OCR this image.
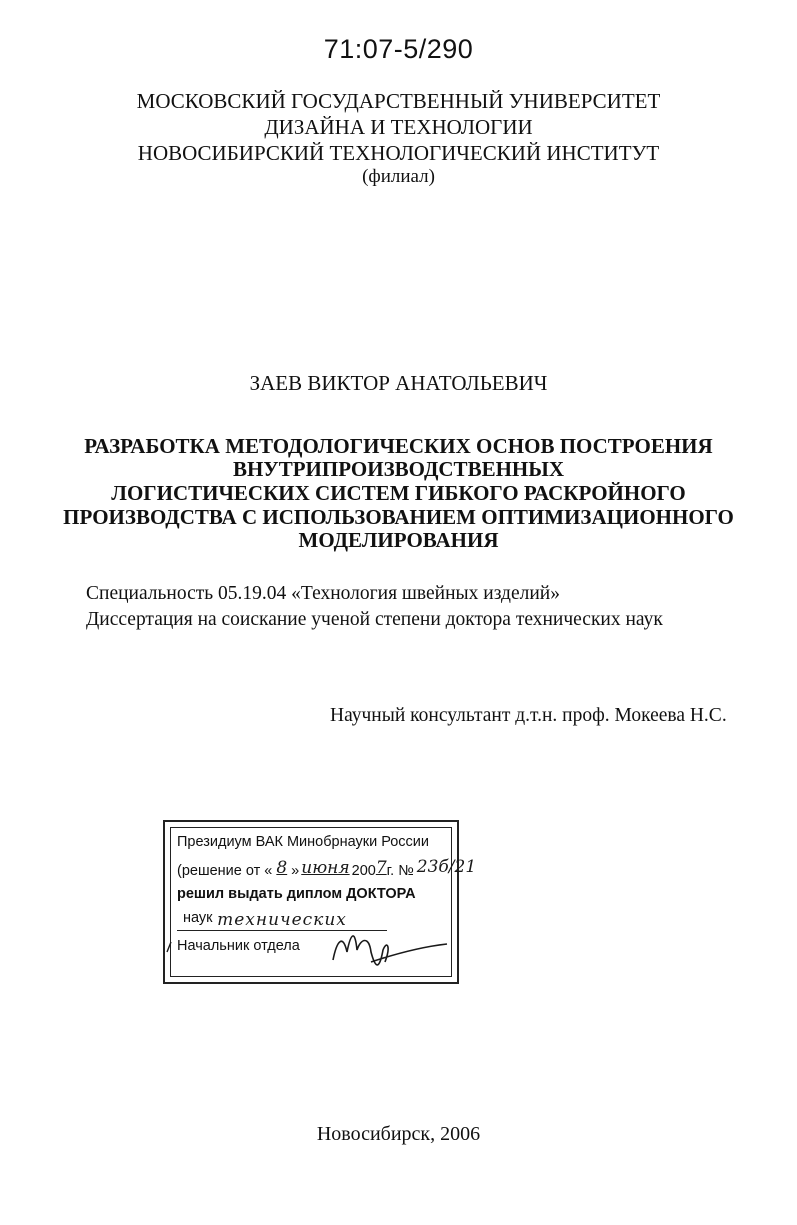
71:07-5/290
МОСКОВСКИЙ ГОСУДАРСТВЕННЫЙ УНИВЕРСИТЕТ
ДИЗАЙНА И ТЕХНОЛОГИИ
НОВОСИБИРСКИЙ ТЕХНОЛОГИЧЕСКИЙ ИНСТИТУТ
(филиал)
ЗАЕВ ВИКТОР АНАТОЛЬЕВИЧ
РАЗРАБОТКА МЕТОДОЛОГИЧЕСКИХ ОСНОВ ПОСТРОЕНИЯ
ВНУТРИПРОИЗВОДСТВЕННЫХ
ЛОГИСТИЧЕСКИХ СИСТЕМ ГИБКОГО РАСКРОЙНОГО
ПРОИЗВОДСТВА С ИСПОЛЬЗОВАНИЕМ ОПТИМИЗАЦИОННОГО
МОДЕЛИРОВАНИЯ
Специальность 05.19.04 «Технология швейных изделий»
Диссертация на соискание ученой степени доктора технических наук
Научный консультант д.т.н. проф. Мокеева Н.С.
Президиум ВАК Минобрнауки России
(решение от « 8 » июня 2007г. № 23б/21
решил выдать диплом ДОКТОРА
технических
наук
Начальник отдела
Новосибирск, 2006
